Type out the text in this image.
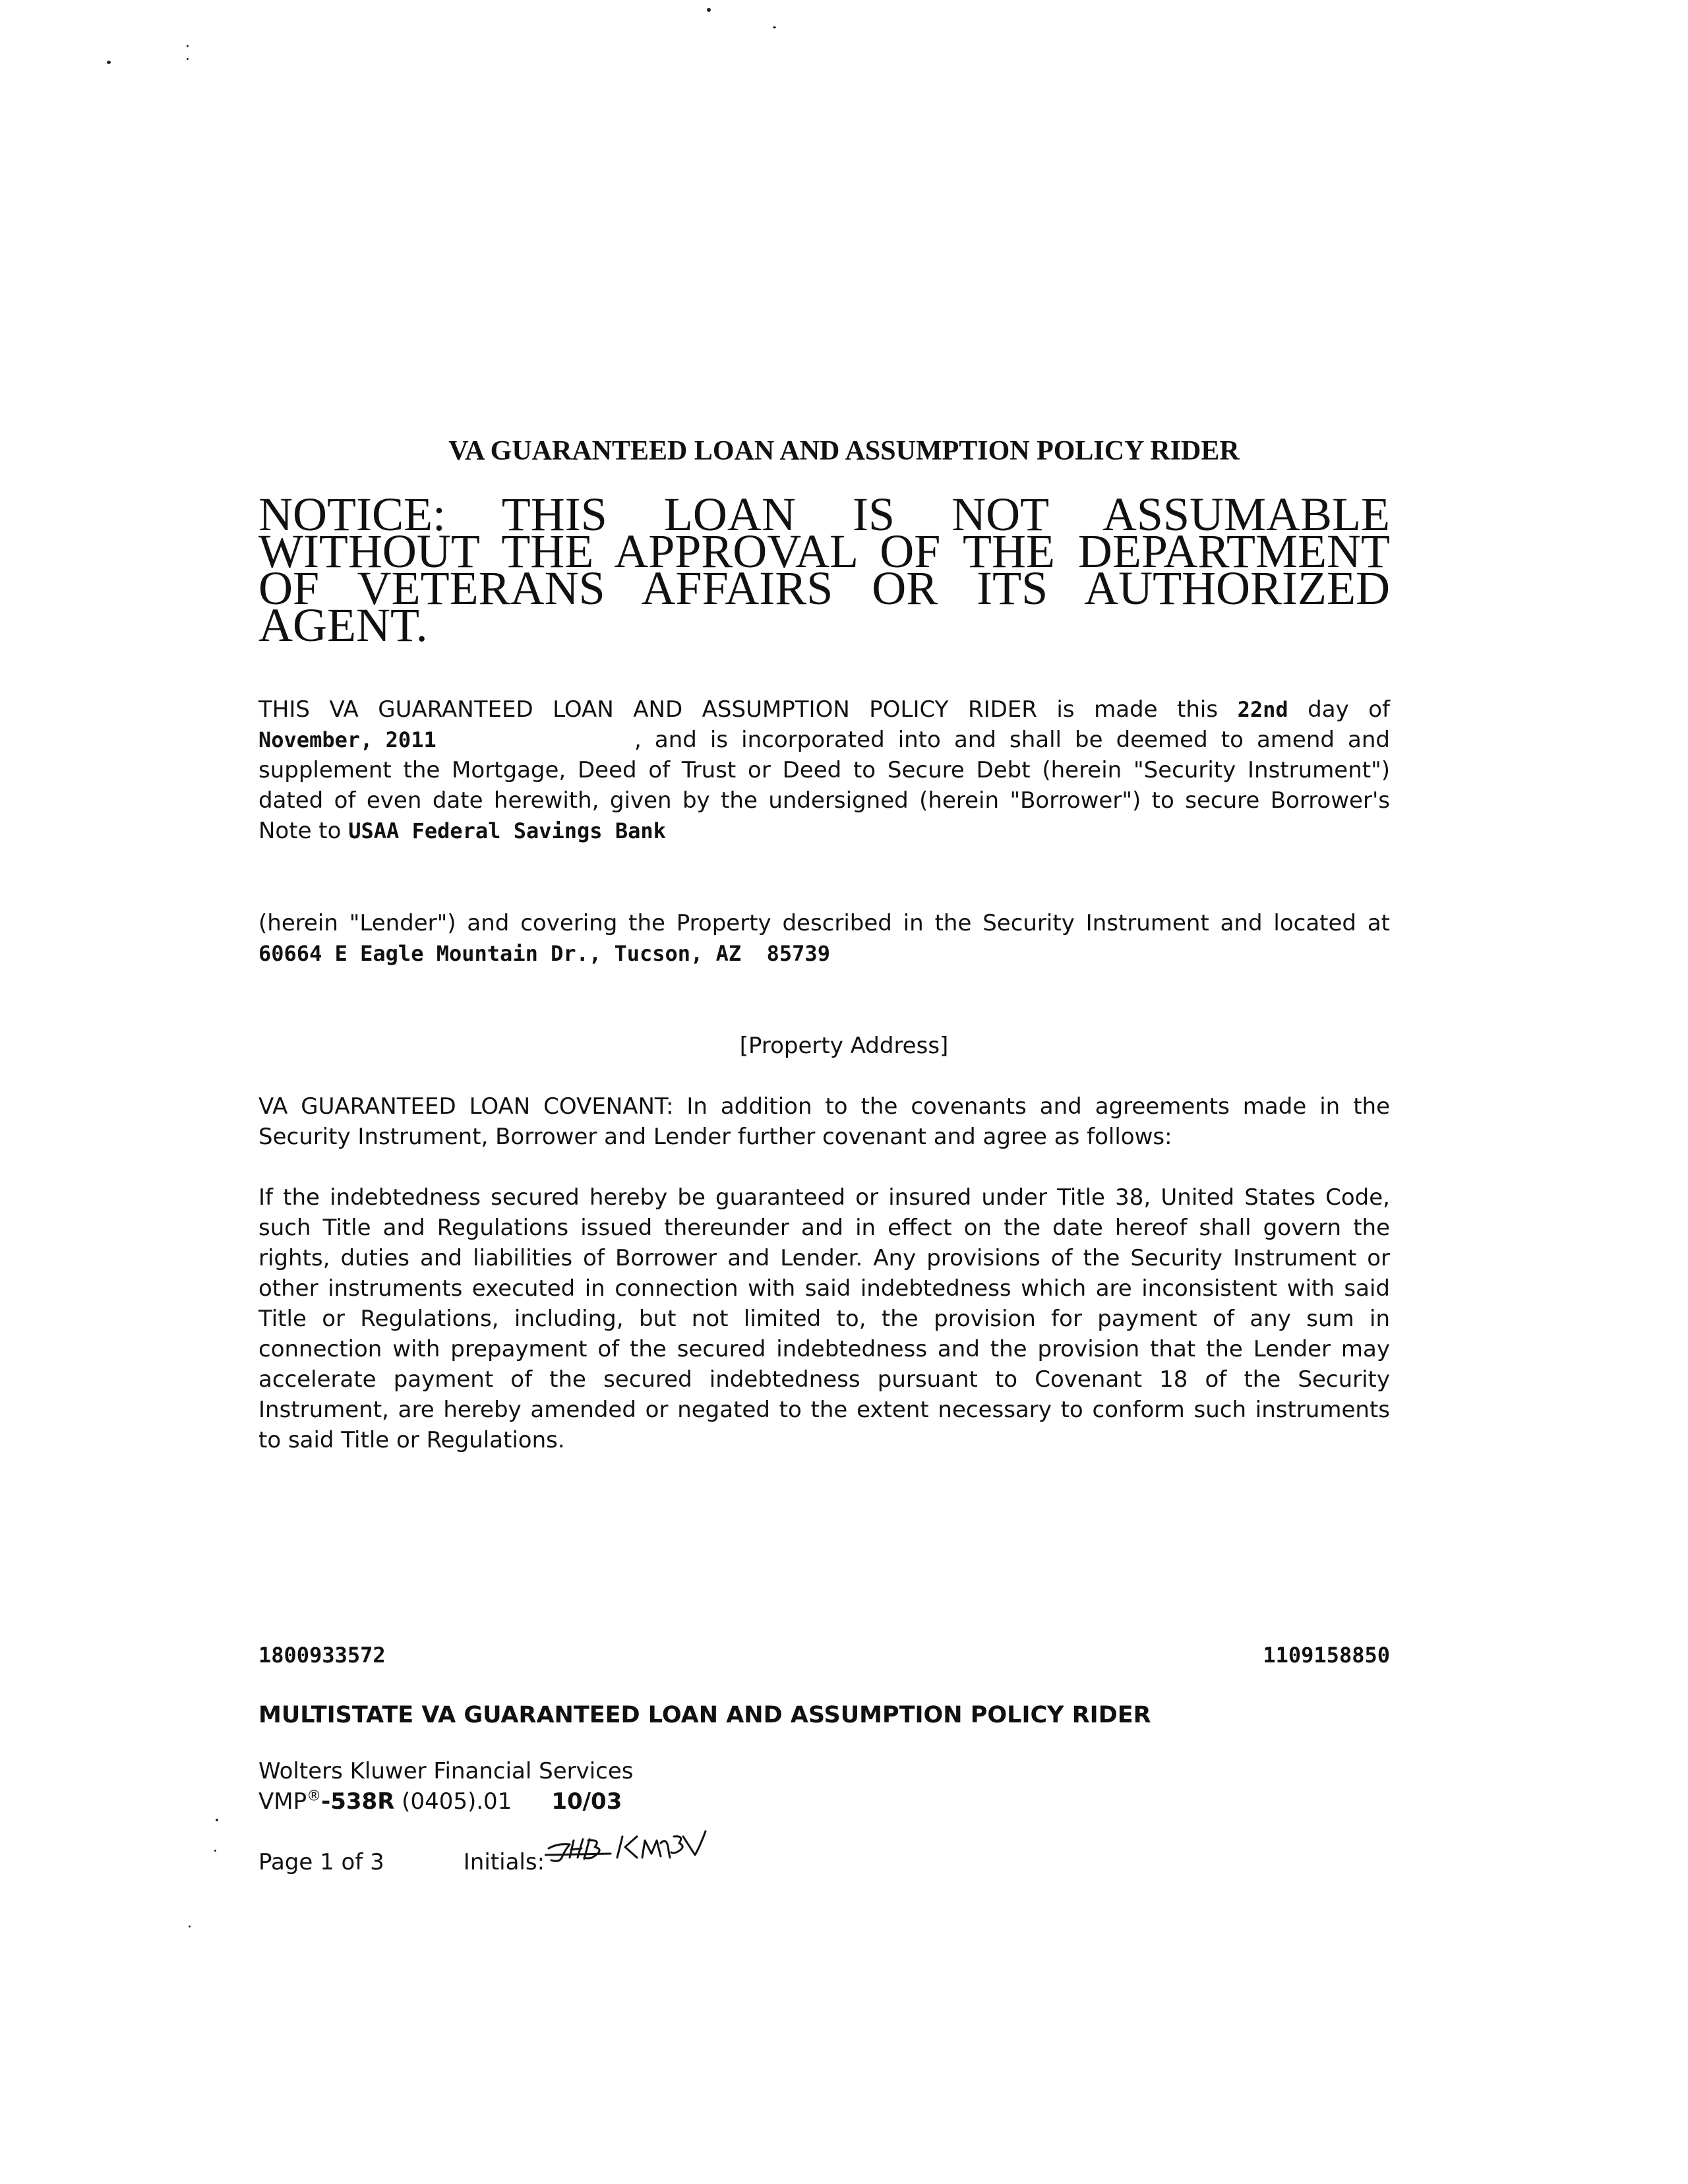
VA GUARANTEED LOAN AND ASSUMPTION POLICY RIDER
NOTICE: THIS LOAN IS NOT ASSUMABLE WITHOUT THE APPROVAL OF THE DEPARTMENT OF VETERANS AFFAIRS OR ITS AUTHORIZED AGENT.
THIS VA GUARANTEED LOAN AND ASSUMPTION POLICY RIDER is made this 22nd day of November, 2011	, and is incorporated into and shall be deemed to amend and supplement the Mortgage, Deed of Trust or Deed to Secure Debt (herein "Security Instrument") dated of even date herewith, given by the undersigned (herein "Borrower") to secure Borrower's Note to USAA Federal Savings Bank
(herein "Lender") and covering the Property described in the Security Instrument and located at 60664 E Eagle Mountain Dr., Tucson, AZ  85739
[Property Address]
VA GUARANTEED LOAN COVENANT: In addition to the covenants and agreements made in the Security Instrument, Borrower and Lender further covenant and agree as follows:
If the indebtedness secured hereby be guaranteed or insured under Title 38, United States Code, such Title and Regulations issued thereunder and in effect on the date hereof shall govern the rights, duties and liabilities of Borrower and Lender. Any provisions of the Security Instrument or other instruments executed in connection with said indebtedness which are inconsistent with said Title or Regulations, including, but not limited to, the provision for payment of any sum in connection with prepayment of the secured indebtedness and the provision that the Lender may accelerate payment of the secured indebtedness pursuant to Covenant 18 of the Security Instrument, are hereby amended or negated to the extent necessary to conform such instruments to said Title or Regulations.
1800933572	1109158850
MULTISTATE VA GUARANTEED LOAN AND ASSUMPTION POLICY RIDER
Wolters Kluwer Financial Services
VMP®-538R (0405).01 10/03
Page 1 of 3	Initials:
